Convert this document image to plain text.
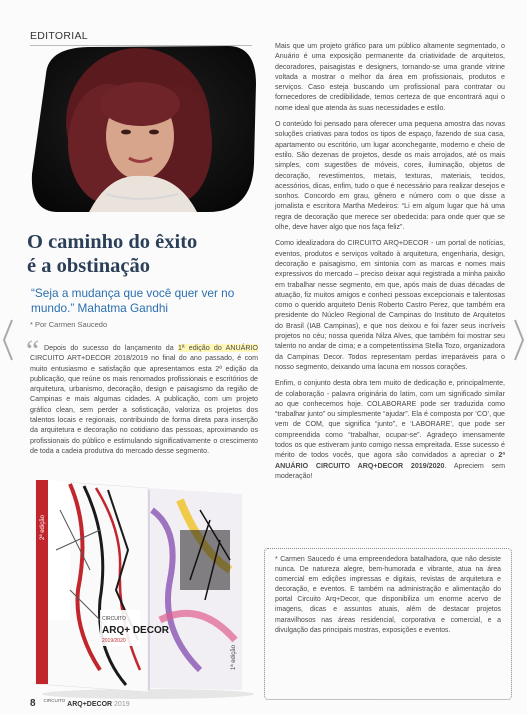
EDITORIAL
O caminho do êxito
é a obstinação
“Seja a mudança que você quer ver no mundo.” Mahatma Gandhi
* Por Carmen Saucedo
“ Depois do sucesso do lançamento da 1ª edição do ANUÁRIO CIRCUITO ART+DECOR 2018/2019 no final do ano passado, é com muito entusiasmo e satisfação que apresentamos esta 2ª edição da publicação, que reúne os mais renomados profissionais e escritórios de arquitetura, urbanismo, decoração, design e paisagismo da região de Campinas e mais algumas cidades. A publicação, com um projeto gráfico clean, sem perder a sofisticação, valoriza os projetos dos talentos locais e regionais, contribuindo de forma direta para inserção da arquitetura e decoração no cotidiano das pessoas, aproximando os profissionais do público e estimulando significativamente o crescimento de toda a cadeia produtiva do mercado desse segmento.

1ª edição
CIRCUITO
ARQ+ DECOR
2019/2020
2ª edição

Mais que um projeto gráfico para um público altamente segmentado, o Anuário é uma exposição permanente da criatividade de arquitetos, decoradores, paisagistas e designers, tornando-se uma grande vitrine voltada a mostrar o melhor da área em profissionais, produtos e serviços. Caso esteja buscando um profissional para contratar ou fornecedores de credibilidade, temos certeza de que encontrará aqui o nome ideal que atenda às suas necessidades e estilo.

O conteúdo foi pensado para oferecer uma pequena amostra das novas soluções criativas para todos os tipos de espaço, fazendo de sua casa, apartamento ou escritório, um lugar aconchegante, moderno e cheio de estilo. São dezenas de projetos, desde os mais arrojados, até os mais simples, com sugestões de móveis, cores, iluminação, objetos de decoração, revestimentos, metais, texturas, materiais, tecidos, acessórios, dicas, enfim, tudo o que é necessário para realizar desejos e sonhos. Concordo em grau, gênero e número com o que disse a jornalista e escritora Martha Medeiros: “Li em algum lugar que há uma regra de decoração que merece ser obedecida: para onde quer que se olhe, deve haver algo que nos faça feliz”.

Como idealizadora do CIRCUITO ARQ+DECOR - um portal de notícias, eventos, produtos e serviços voltado à arquitetura, engenharia, design, decoração e paisagismo, em sintonia com as marcas e nomes mais expressivos do mercado – preciso deixar aqui registrada a minha paixão em trabalhar nesse segmento, em que, após mais de duas décadas de atuação, fiz muitos amigos e conheci pessoas excepcionais e talentosas como o querido arquiteto Denis Roberto Castro Perez, que também era presidente do Núcleo Regional de Campinas do Instituto de Arquitetos do Brasil (IAB Campinas), e que nos deixou e foi fazer seus incríveis projetos no céu; nossa querida Nilza Alves, que também foi mostrar seu talento no andar de cima; e a competentíssima Stella Tozo, organizadora da Campinas Decor. Todos representam perdas irreparáveis para o nosso segmento, deixando uma lacuna em nossos corações.

Enfim, o conjunto desta obra tem muito de dedicação e, principalmente, de colaboração - palavra originária do latim, com um significado similar ao que conhecemos hoje. COLABORARE pode ser traduzida como “trabalhar junto” ou simplesmente “ajudar”. Ela é composta por ‘CO’, que vem de COM, que significa “junto”, e ‘LABORARE’, que pode ser compreendida como “trabalhar, ocupar-se”. Agradeço imensamente todos os que estiveram junto comigo nessa empreitada. Esse sucesso é mérito de todos vocês, que agora são convidados a apreciar o 2ª ANUÁRIO CIRCUITO ARQ+DECOR 2019/2020. Apreciem sem moderação!

* Carmen Saucedo é uma empreendedora batalhadora, que não desiste nunca. De natureza alegre, bem-humorada e vibrante, atua na área comercial em edições impressas e digitais, revistas de arquitetura e decoração, e eventos. E também na administração e alimentação do portal Circuito Arq+Decor, que disponibiliza um enorme acervo de imagens, dicas e assuntos atuais, além de destacar projetos maravilhosos nas áreas residencial, corporativa e comercial, e a divulgação das principais mostras, exposições e eventos.

8 CIRCUITO ARQ+DECOR 2019
